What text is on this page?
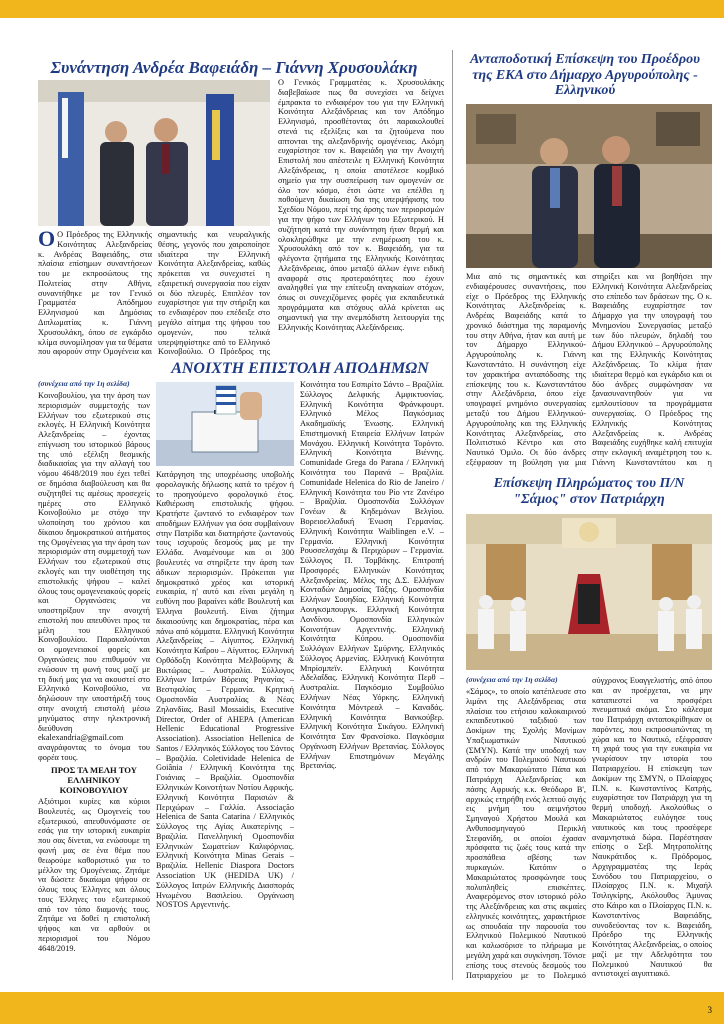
Συνάντηση Ανδρέα Βαφειάδη – Γιάννη Χρυσουλάκη

O Ο Πρόεδρος της Ελληνικής Κοινότητας Αλεξανδρείας κ. Ανδρέας Βαφειάδης, στα πλαίσια επίσημων συναντήσεων του με εκπροσώπους της Πολιτείας στην Αθήνα, συναντήθηκε με τον Γενικό Γραμματέα Απόδημου Ελληνισμού και Δημόσιας Διπλωματίας κ. Γιάννη Χρυσουλάκη, όπου σε εγκάρδιο κλίμα συνομίλησαν για τα θέματα που αφορούν στην Ομογένεια και

σημαντικής και νευραλγικής θέσης, γεγονός που χαιροποίησε ιδιαίτερα την Ελληνική Κοινότητα Αλεξανδρείας, καθώς πρόκειται να συνεχιστεί η εξαιρετική συνεργασία που είχαν οι δύο πλευρές. Επιπλέον τον ευχαρίστησε για την στήριξη και το ενδιαφέρον που επέδειξε στο μεγάλο αίτημα της ψήφου του ομογενών, που τελικά υπερψηφίστηκε από το Ελληνικό Κοινοβούλιο. Ο Πρόεδρος της

Ο Γενικός Γραμματέας κ. Χρυσουλάκης διαβεβαίωσε πως θα συνεχίσει να δείχνει έμπρακτα το ενδιαφέρον του για την Ελληνική Κοινότητα Αλεξάνδρειας και τον Απόδημο Ελληνισμό, προσθέτοντας ότι παρακολουθεί στενά τις εξελίξεις και τα ζητούμενα που απτονται της αλεξανδρινής ομογένειας. Ακόμη ευχαρίστησε τον κ. Βαφειάδη για την Ανοιχτή Επιστολή που απέστειλε η Ελληνική Κοινότητα Αλεξάνδρειας, η οποία αποτέλεσε κομβικό σημείο για την συσπείρωση των ομογενών σε όλο τον κόσμο, έτσι ώστε να επέλθει η ποθούμενη δικαίωση δια της υπερψήφισης του Σχεδίου Νόμου, περί της άρσης των περιορισμών για την ψήφο των Ελλήνων του Εξωτερικού. Η συζήτηση κατά την συνάντηση ήταν θερμή και ολοκληρώθηκε με την ενημέρωση του κ. Χρυσουλάκη από τον κ. Βαφειάδη, για τα φλέγοντα ζητήματα της Ελληνικής Κοινότητας Αλεξάνδρειας, όπου μεταξύ άλλων έγινε ειδική αναφορά στις προτεραιότητες που έχουν αναληφθεί για την επίτευξη αναγκαίων στόχων, όπως οι συνεχιζόμενες φορές για εκπαιδευτικά προγράμματα και στόχους αλλά κρίνεται ως σημαντική για την ανεμπόδιστη λειτουργία της Ελληνικής Κοινότητας Αλεξάνδρειας.

ΑΝΟΙΧΤΗ ΕΠΙΣΤΟΛΗ ΑΠΟΔΗΜΩΝ

(συνέχεια από την 1η σελίδα)

Κοινοβουλίου, για την άρση των περιορισμών συμμετοχής των Ελλήνων του εξωτερικού στις εκλογές. Η Ελληνική Κοινότητα Αλεξανδρείας – έχοντας επίγνωση του ιστορικού βάρους της υπό εξέλιξη θεσμικής διαδικασίας για την αλλαγή του νόμου 4648/2019 που έχει τεθεί σε δημόσια διαβούλευση και θα συζητηθεί τις αμέσως προσεχείς ημέρες στο Ελληνικό Κοινοβούλιο με στόχο την υλοποίηση του χρόνιου και δίκαιου δημοκρατικού αιτήματος της Ομογένειας για την άρση των περιορισμών στη συμμετοχή των Ελλήνων του εξωτερικού στις εκλογές και την υιοθέτηση της επιστολικής ψήφου – καλεί όλους τους ομογενειακούς φορείς και Οργανώσεις να υποστηρίξουν την ανοιχτή επιστολή που απευθύνει προς τα μέλη του Ελληνικού Κοινοβουλίου. Παρακαλούνται οι ομογενειακοί φορείς και Οργανώσεις που επιθυμούν να ενώσουν τη φωνή τους μαζί με τη δική μας για να ακουστεί στο Ελληνικό Κοινοβούλιο, να δηλώσουν την υποστήριξή τους στην ανοιχτή επιστολή μέσω μηνύματος στην ηλεκτρονική διεύθυνση ekalexandria@gmail.com αναγράφοντας το όνομα του φορέα τους.

ΠΡΟΣ ΤΑ ΜΕΛΗ ΤΟΥ ΕΛΛΗΝΙΚΟΥ ΚΟΙΝΟΒΟΥΛΙΟΥ

Αξιότιμοι κυρίες και κύριοι Βουλευτές, ως Ομογενείς του εξωτερικού, απευθυνόμαστε σε εσάς για την ιστορική ευκαιρία που σας δίνεται, να ενώσουμε τη φωνή μας σε ένα θέμα που θεωρούμε καθοριστικό για το μέλλον της Ομογένειας. Ζητάμε να δώσετε δικαίωμα ψήφου σε όλους τους Έλληνες και όλους τους Έλληνες του εξωτερικού από τον τόπο διαμονής τους. Ζητάμε να δοθεί η επιστολική ψήφος και να αρθούν οι περιορισμοί του Νόμου 4648/2019.

Κατάργηση της υποχρέωσης υποβολής φορολογικής δήλωσης κατά το τρέχον ή το προηγούμενο φορολογικό έτος. Καθιέρωση επιστολικής ψήφου. Κρατήστε ζωντανό το ενδιαφέρον των αποδήμων Ελλήνων για όσα συμβαίνουν στην Πατρίδα και διατηρήστε ζωντανούς τους ισχυρούς δεσμούς μας με την Ελλάδα. Αναμένουμε και οι 300 βουλευτές να στηρίξετε την άρση των άδικων περιορισμών. Πρόκειται για δημοκρατικό χρέος και ιστορική ευκαιρία, η' αυτό και είναι μεγάλη η ευθύνη που βαραίνει κάθε Βουλευτή και Έλληνα βουλευτή. Είναι ζήτημα δικαιοσύνης και δημοκρατίας, πέρα και πάνω από κόμματα. Ελληνική Κοινότητα Αλεξανδρείας – Αίγυπτος. Ελληνική Κοινότητα Καΐρου – Αίγυπτος. Ελληνική Ορθόδοξη Κοινότητα Μελβούρνης & Βικτώριας – Αυστραλία. Σύλλογος Ελλήνων Ιατρών Βόρειας Ρηνανίας – Βεστφαλίας – Γερμανία. Κρητική Ομοσπονδία Αυστραλίας & Νέας Ζηλανδίας. Basil Mossaidis, Executive Director, Order of AHEPA (American Hellenic Educational Progressive Association). Association Hellenica de Santos / Ελληνικός Σύλλογος του Σάντος – Βραζιλία. Coletividade Helenica de Goiânia / Ελληνική Κοινότητα της Γοιάνιας – Βραζιλία. Ομοσπονδία Ελληνικών Κοινοτήτων Νοτίου Αφρικής. Ελληνική Κοινότητα Παρισιών & Περιχώρων – Γαλλία. Associação Helenica de Santa Catarina / Ελληνικός Σύλλογος της Αγίας Αικατερίνης – Βραζιλία. Πανελληνική Ομοσπονδία Ελληνικών Σωματείων Καλιφόρνιας. Ελληνική Κοινότητα Minas Gerais – Βραζιλία. Hellenic Diaspora Doctors Association UK (HEDIDA UK) / Σύλλογος Ιατρών Ελληνικής Διασποράς Ηνωμένου Βασιλείου. Οργάνωση NOSTOS Αργεντινής.

Κοινότητα του Εσπιρίτο Σάντο – Βραζιλία. Σύλλογος Δελφικής Αμφικτυονίας. Ελληνική Κοινότητα Φράνκφουρτ. Ελληνικό Μέλος Παγκόσμιας Ακαδημαϊκής Ένωσης. Ελληνική Επιστημονική Εταιρεία Ελλήνων Ιατρών Μονάχου. Ελληνική Κοινότητα Τορόντο. Ελληνική Κοινότητα Βιέννης. Comunidade Grega do Parana / Ελληνική Κοινότητα του Παρανά – Βραζιλία. Comunidade Helenica do Rio de Janeiro / Ελληνική Κοινότητα του Ρίο ντε Ζανέιρο – Βραζιλία. Ομοσπονδία Συλλόγων Γονέων & Κηδεμόνων Βελγίου. Βορειοελλαδική Ένωση Γερμανίας. Ελληνική Κοινότητα Waiblingen e.V. – Γερμανία. Ελληνική Κοινότητα Ρουσσελσχάιμ & Περιχώρων – Γερμανία. Σύλλογος Π. Τομβάκης. Επιτροπή Προσφορές Ελληνικών Κοινότητας Αλεξανδρείας. Μέλος της Δ.Σ. Ελλήνων Κονταδών Δημοσίας Τάξης. Ομοσπονδία Ελλήνων Σουηδίας. Ελληνική Κοινότητα Αουγκσμπουργκ. Ελληνική Κοινότητα Λονδίνου. Ομοσπονδία Ελληνικών Κοινοτήτων Αργεντινής. Ελληνική Κοινότητα Κύπρου. Ομοσπονδία Συλλόγων Ελλήνων Σμύρνης. Ελληνικός Σύλλογος Αρμενίας. Ελληνική Κοινότητα Μπρίσμπεϊν. Ελληνική Κοινότητα Αδελαΐδας. Ελληνική Κοινότητα Περθ – Αυστραλία. Παγκόσμιο Συμβούλιο Ελλήνων Νέας Υόρκης. Ελληνική Κοινότητα Μόντρεαλ – Καναδάς. Ελληνική Κοινότητα Βανκούβερ. Ελληνική Κοινότητα Σικάγου. Ελληνική Κοινότητα Σαν Φρανσίσκο. Παγκόσμια Οργάνωση Ελλήνων Βρετανίας. Σύλλογος Ελλήνων Επιστημόνων Μεγάλης Βρετανίας.

Ανταποδοτική Επίσκεψη του Προέδρου της ΕΚΑ στο Δήμαρχο Αργυρούπολης - Ελληνικού

Μια από τις σημαντικές και ενδιαφέρουσες συναντήσεις, που είχε ο Πρόεδρος της Ελληνικής Κοινότητας Αλεξανδρείας κ. Ανδρέας Βαφειάδης κατά το χρονικό διάστημα της παραμονής του στην Αθήνα, ήταν και αυτή με τον Δήμαρχο Ελληνικού-Αργυρούπολης κ. Γιάννη Κωνσταντάτο. Η συνάντηση είχε τον χαρακτήρα ανταπόδοσης της επίσκεψης του κ. Κωνσταντάτου στην Αλεξάνδρεια, όπου είχε υπογραφεί μνημόνιο συνεργασίας μεταξύ του Δήμου Ελληνικού-Αργυρούπολης και της Ελληνικής Κοινότητας Αλεξανδρείας, στο Πολιτιστικό Κέντρο και στο Ναυτικό Όμιλο. Οι δύο άνδρες εξέφρασαν τη βούληση για μια

στηρίξει και να βοηθήσει την Ελληνική Κοινότητα Αλεξανδρείας στο επίπεδο των δράσεων της. Ο κ. Βαφειάδης ευχαρίστησε τον Δήμαρχο για την υπογραφή του Μνημονίου Συνεργασίας μεταξύ των δύο πλευρών, δηλαδή του Δήμου Ελληνικού – Αργυρούπολης και της Ελληνικής Κοινότητας Αλεξάνδρειας. Το κλίμα ήταν ιδιαίτερα θερμό και εγκάρδιο και οι δύο άνδρες συμφώνησαν να ξανασυναντηθούν για να εμπλουτίσουν τα προγράμματα συνεργασίας. Ο Πρόεδρος της Ελληνικής Κοινότητας Αλεξανδρείας κ. Ανδρέας Βαφειάδης ευχήθηκε καλή επιτυχία στην εκλογική αναμέτρηση του κ. Γιάννη Κωνσταντάτου και η

Επίσκεψη Πληρώματος του Π/Ν "Σάμος" στον Πατριάρχη

(συνέχεια από την 1η σελίδα)

«Σάμος», το οποίο κατέπλευσε στο λιμάνι της Αλεξάνδρειας στα πλαίσια του ετήσιου καλοκαιρινού εκπαιδευτικού ταξιδιού των Δοκίμων της Σχολής Μονίμων Υπαξιωματικών Ναυτικού (ΣΜΥΝ). Κατά την υποδοχή των ανδρών του Πολεμικού Ναυτικού από τον Μακαριώτατο Πάπα και Πατριάρχη Αλεξανδρείας και πάσης Αφρικής κ.κ. Θεόδωρο Β', αρχικώς ετηρήθη ενός λεπτού σιγής εις μνήμη του αειμνήστου Σμηναγού Χρήστου Μουλά και Ανθυποσμηναγού Περικλή Στεφανίδη, οι οποίοι έχασαν πρόσφατα τις ζωές τους κατά την προσπάθεια σβέσης των πυρκαγιών. Κατόπιν ο Μακαριώτατος προσφώνησε τους πολυπληθείς επισκέπτες. Αναφερόμενος στον ιστορικό ρόλο της Αλεξάνδρειας και στις ακμαίες ελληνικές κοινότητες, χαρακτήρισε ως σπουδαία την παρουσία του Ελληνικού Πολεμικού Ναυτικού και καλωσόρισε το πλήρωμα με μεγάλη χαρά και συγκίνηση. Τόνισε επίσης τους στενούς δεσμούς του Πατριαρχείου με το Πολεμικό

σύγχρονος Ευαγγελιστής, από όπου και αν προέρχεται, να μην καταπιεστεί να προσφέρει πνευματικά ακόμα. Στο κάλεσμα του Πατριάρχη ανταποκρίθηκαν οι παρόντες, που εκπροσωπώντας τη χώρα και το Ναυτικό, εξέφρασαν τη χαρά τους για την ευκαιρία να γνωρίσουν την ιστορία του Πατριαρχείου. Η επίσκεψη των Δοκίμων της ΣΜΥΝ, ο Πλοίαρχος Π.Ν. κ. Κωνσταντίνος Κατρής, ευχαρίστησε τον Πατριάρχη για τη θερμή υποδοχή. Ακολούθως ο Μακαριώτατος ευλόγησε τους ναυτικούς και τους προσέφερε αναμνηστικά δώρα. Παρέστησαν επίσης ο Σεβ. Μητροπολίτης Ναυκράτιδος κ. Πρόδρομος, Αρχιγραμματέας της Ιεράς Συνόδου του Πατριαρχείου, ο Πλοίαρχος Π.Ν. κ. Μιχαήλ Τσιλιγκίρης, Ακόλουθος Άμυνας στο Κάιρο και ο Πλοίαρχος Π.Ν. κ. Κωνσταντίνος Βαφειάδης, συνοδεύοντας τον κ. Βαφειάδη, Πρόεδρο της Ελληνικής Κοινότητας Αλεξανδρείας, ο οποίος μαζί με την Αδελφότητα του Πολεμικού Ναυτικού θα αντιστοιχεί αιγυπτιακό.

3
